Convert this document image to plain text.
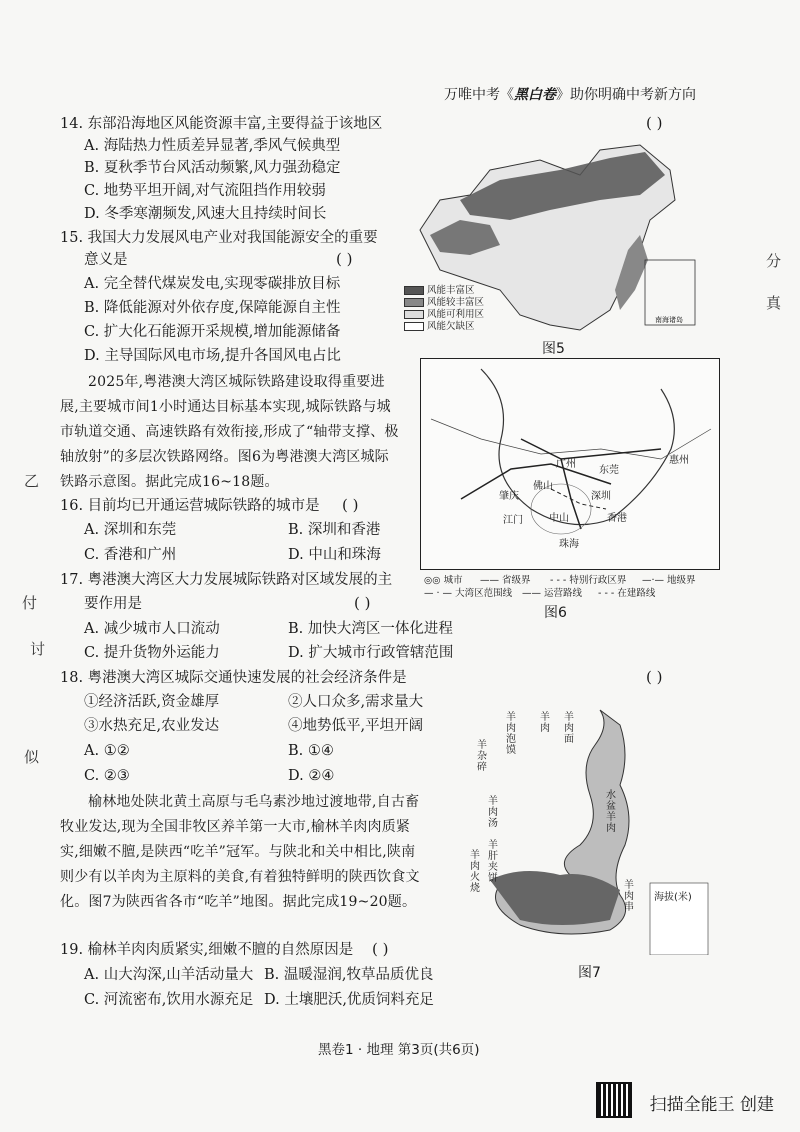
万唯中考《黑白卷》助你明确中考新方向
分
真
乙
付
讨
似
14. 东部沿海地区风能资源丰富,主要得益于该地区	( )
A. 海陆热力性质差异显著,季风气候典型
B. 夏秋季节台风活动频繁,风力强劲稳定
C. 地势平坦开阔,对气流阻挡作用较弱
D. 冬季寒潮频发,风速大且持续时间长
15. 我国大力发展风电产业对我国能源安全的重要
意义是	( )
A. 完全替代煤炭发电,实现零碳排放目标
B. 降低能源对外依存度,保障能源自主性
C. 扩大化石能源开采规模,增加能源储备
D. 主导国际风电市场,提升各国风电占比
2025年,粤港澳大湾区城际铁路建设取得重要进展,主要城市间1小时通达目标基本实现,城际铁路与城市轨道交通、高速铁路有效衔接,形成了“轴带支撑、极轴放射”的多层次铁路网络。图6为粤港澳大湾区城际铁路示意图。据此完成16~18题。
16. 目前均已开通运营城际铁路的城市是 ( )
A. 深圳和东莞	B. 深圳和香港
C. 香港和广州	D. 中山和珠海
17. 粤港澳大湾区大力发展城际铁路对区域发展的主
要作用是	( )
A. 减少城市人口流动	B. 加快大湾区一体化进程
C. 提升货物外运能力	D. 扩大城市行政管辖范围
18. 粤港澳大湾区城际交通快速发展的社会经济条件是	( )
①经济活跃,资金雄厚	②人口众多,需求量大
③水热充足,农业发达	④地势低平,平坦开阔
A. ①②	B. ①④
C. ②③	D. ②④
榆林地处陕北黄土高原与毛乌素沙地过渡地带,自古畜牧业发达,现为全国非牧区养羊第一大市,榆林羊肉肉质紧实,细嫩不膻,是陕西“吃羊”冠军。与陕北和关中相比,陕南则少有以羊肉为主原料的美食,有着独特鲜明的陕西饮食文化。图7为陕西省各市“吃羊”地图。据此完成19~20题。
19. 榆林羊肉肉质紧实,细嫩不膻的自然原因是 ( )
A. 山大沟深,山羊活动量大 B. 温暖湿润,牧草品质优良
C. 河流密布,饮用水源充足 D. 土壤肥沃,优质饲料充足
南海诸岛
风能丰富区
风能较丰富区
风能可利用区
风能欠缺区
图5
广州
肇庆
佛山
东莞
惠州
江门	中山
深圳
珠海
香港
◎◎ 城市 —— 省级界 - - - 特别行政区界 —·— 地级界
— · — 大湾区范围线 —— 运营路线 - - - 在建路线
图6
羊杂碎
羊肉泡馍
羊肉
羊肉面
羊肉汤
羊肝夹饼
水盆羊肉
羊肉火烧	羊肉串
海拔(米)
图7
黑卷1 · 地理 第3页(共6页)
扫描全能王 创建
